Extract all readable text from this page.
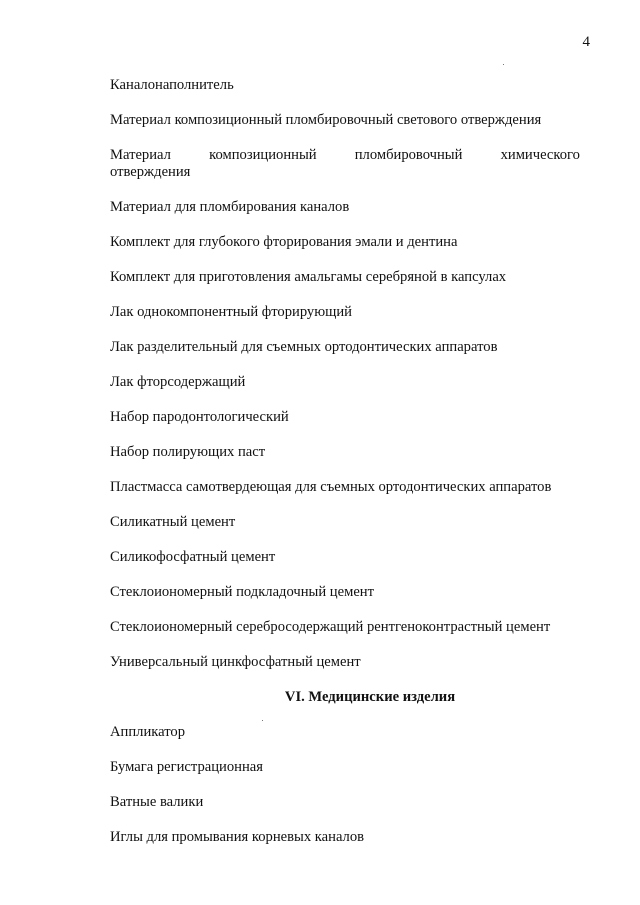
4

Каналонаполнитель

Материал композиционный пломбировочный светового отверждения

Материал	композиционный	пломбировочный	химического

отверждения

Материал для пломбирования каналов

Комплект для глубокого фторирования эмали и дентина

Комплект для приготовления амальгамы серебряной в капсулах

Лак однокомпонентный фторирующий

Лак разделительный для съемных ортодонтических аппаратов

Лак фторсодержащий

Набор пародонтологический

Набор полирующих паст

Пластмасса самотвердеющая для съемных ортодонтических аппаратов

Силикатный цемент

Силикофосфатный цемент

Стеклоиономерный подкладочный цемент

Стеклоиономерный серебросодержащий рентгеноконтрастный цемент

Универсальный цинкфосфатный цемент

VI. Медицинские изделия

Аппликатор

Бумага регистрационная

Ватные валики

Иглы для промывания корневых каналов
